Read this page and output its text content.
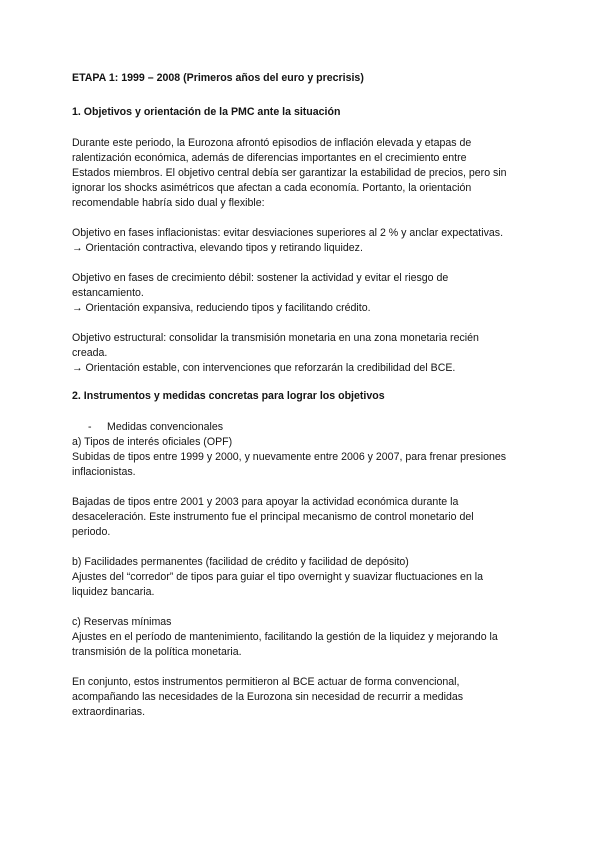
ETAPA 1: 1999 – 2008 (Primeros años del euro y precrisis)

1. Objetivos y orientación de la PMC ante la situación

Durante este periodo, la Eurozona afrontó episodios de inflación elevada y etapas de

ralentización económica, además de diferencias importantes en el crecimiento entre

Estados miembros. El objetivo central debía ser garantizar la estabilidad de precios, pero sin

ignorar los shocks asimétricos que afectan a cada economía. Portanto, la orientación

recomendable habría sido dual y flexible:

Objetivo en fases inflacionistas: evitar desviaciones superiores al 2 % y anclar expectativas.

→ Orientación contractiva, elevando tipos y retirando liquidez.

Objetivo en fases de crecimiento débil: sostener la actividad y evitar el riesgo de

estancamiento.

→ Orientación expansiva, reduciendo tipos y facilitando crédito.

Objetivo estructural: consolidar la transmisión monetaria en una zona monetaria recién

creada.

→ Orientación estable, con intervenciones que reforzarán la credibilidad del BCE.

2. Instrumentos y medidas concretas para lograr los objetivos

- Medidas convencionales

a) Tipos de interés oficiales (OPF)

Subidas de tipos entre 1999 y 2000, y nuevamente entre 2006 y 2007, para frenar presiones

inflacionistas.

Bajadas de tipos entre 2001 y 2003 para apoyar la actividad económica durante la

desaceleración. Este instrumento fue el principal mecanismo de control monetario del

periodo.

b) Facilidades permanentes (facilidad de crédito y facilidad de depósito)

Ajustes del “corredor” de tipos para guiar el tipo overnight y suavizar fluctuaciones en la

liquidez bancaria.

c) Reservas mínimas

Ajustes en el período de mantenimiento, facilitando la gestión de la liquidez y mejorando la

transmisión de la política monetaria.

En conjunto, estos instrumentos permitieron al BCE actuar de forma convencional,

acompañando las necesidades de la Eurozona sin necesidad de recurrir a medidas

extraordinarias.
